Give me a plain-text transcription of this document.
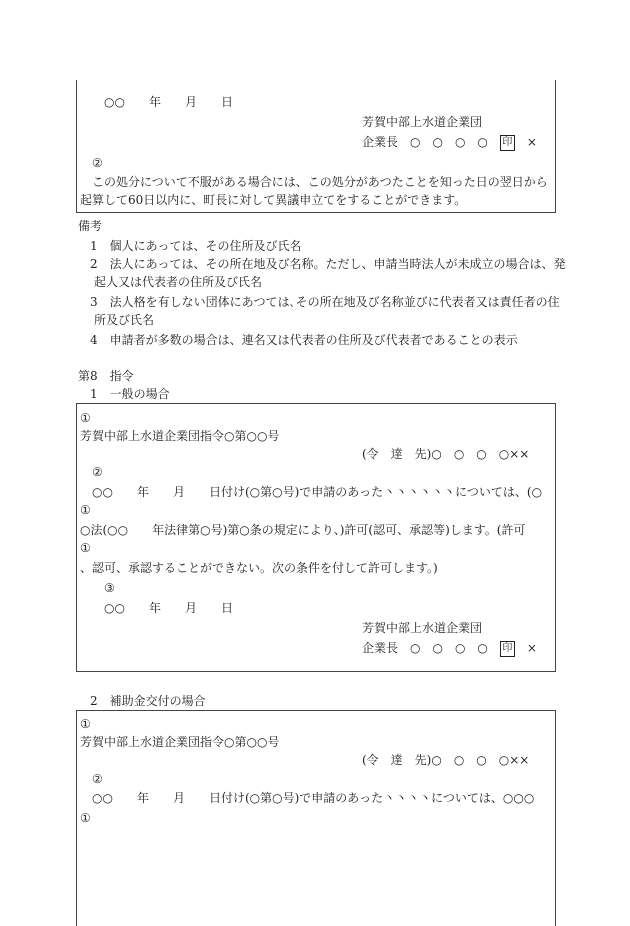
○○　　年　　月　　日
芳賀中部上水道企業団
企業長　○　○　○　○　 印　 ×
②
この処分について不服がある場合には、この処分があつたことを知った日の翌日から
起算して60日以内に、町長に対して異議申立てをすることができます。
備考
1　個人にあっては、その住所及び氏名
2　法人にあっては、その所在地及び名称。ただし、申請当時法人が未成立の場合は、発
起人又は代表者の住所及び氏名
3　法人格を有しない団体にあつては､その所在地及び名称並びに代表者又は責任者の住
所及び氏名
4　申請者が多数の場合は、連名又は代表者の住所及び代表者であることの表示
第8　指令
1　一般の場合
①
芳賀中部上水道企業団指令○第○○号
(令　達　先)○　○　○　○××
②
○○　　年　　月　　日付け(○第○号)で申請のあった丶丶丶丶丶丶については、(○
①
○法(○○　　年法律第○号)第○条の規定により、)許可(認可、承認等)します。(許可
①
、認可、承認することができない。次の条件を付して許可します。)
③
○○　　年　　月　　日
芳賀中部上水道企業団
企業長　○　○　○　○　 印　 ×
2　補助金交付の場合
①
芳賀中部上水道企業団指令○第○○号
(令　達　先)○　○　○　○××
②
○○　　年　　月　　日付け(○第○号)で申請のあった丶丶丶丶については、○○○
①
